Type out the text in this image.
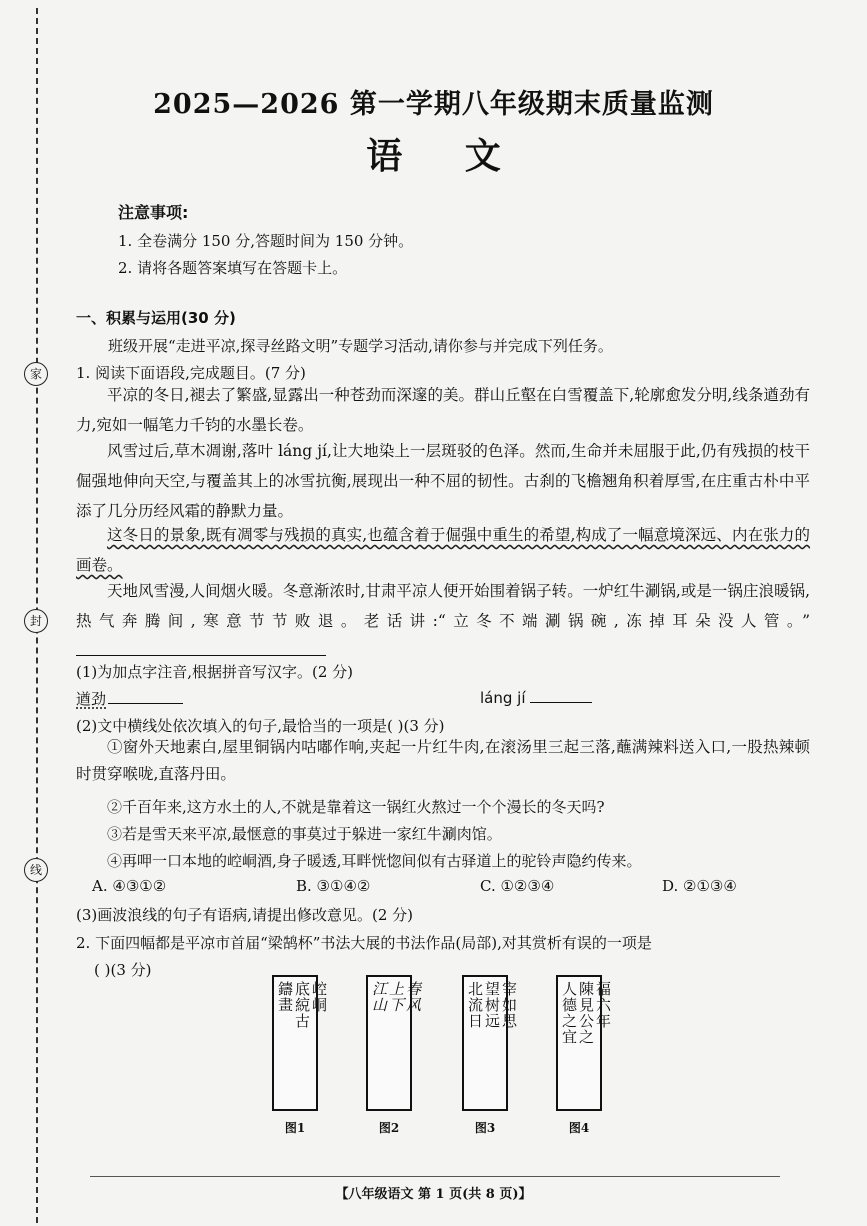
家
封
线
2025—2026 第一学期八年级期末质量监测
语 文
注意事项:
1. 全卷满分 150 分,答题时间为 150 分钟。
2. 请将各题答案填写在答题卡上。
一、积累与运用(30 分)
班级开展“走进平凉,探寻丝路文明”专题学习活动,请你参与并完成下列任务。
1. 阅读下面语段,完成题目。(7 分)
平凉的冬日,褪去了繁盛,显露出一种苍劲而深邃的美。群山丘壑在白雪覆盖下,轮廓愈发分明,线条遒劲有力,宛如一幅笔力千钧的水墨长卷。
风雪过后,草木凋谢,落叶 láng jí,让大地染上一层斑驳的色泽。然而,生命并未屈服于此,仍有残损的枝干倔强地伸向天空,与覆盖其上的冰雪抗衡,展现出一种不屈的韧性。古刹的飞檐翘角积着厚雪,在庄重古朴中平添了几分历经风霜的静默力量。
这冬日的景象,既有凋零与残损的真实,也蕴含着于倔强中重生的希望,构成了一幅意境深远、内在张力的画卷。
天地风雪漫,人间烟火暖。冬意渐浓时,甘肃平凉人便开始围着锅子转。一炉红牛涮锅,或是一锅庄浪暖锅,热气奔腾间,寒意节节败退。老话讲:“立冬不端涮锅碗,冻掉耳朵没人管。”
(1)为加点字注音,根据拼音写汉字。(2 分)
遒劲	láng jí
(2)文中横线处依次填入的句子,最恰当的一项是( )(3 分)
①窗外天地素白,屋里铜锅内咕嘟作响,夹起一片红牛肉,在滚汤里三起三落,蘸满辣料送入口,一股热辣顿时贯穿喉咙,直落丹田。
②千百年来,这方水土的人,不就是靠着这一锅红火熬过一个个漫长的冬天吗?
③若是雪天来平凉,最惬意的事莫过于躲进一家红牛涮肉馆。
④再呷一口本地的崆峒酒,身子暖透,耳畔恍惚间似有古驿道上的驼铃声隐约传来。
A. ④③①②	B. ③①④②	C. ①②③④	D. ②①③④
(3)画波浪线的句子有语病,请提出修改意见。(2 分)
2. 下面四幅都是平凉市首届“梁鹄杯”书法大展的书法作品(局部),对其赏析有误的一项是
( )(3 分)
崆峒
底綂古
鑄畫	春风
上下
江山	宰如思
望树远
北流日	福六年
陳見公之
人德之宜
图1	图2	图3	图4
【八年级语文 第 1 页(共 8 页)】
